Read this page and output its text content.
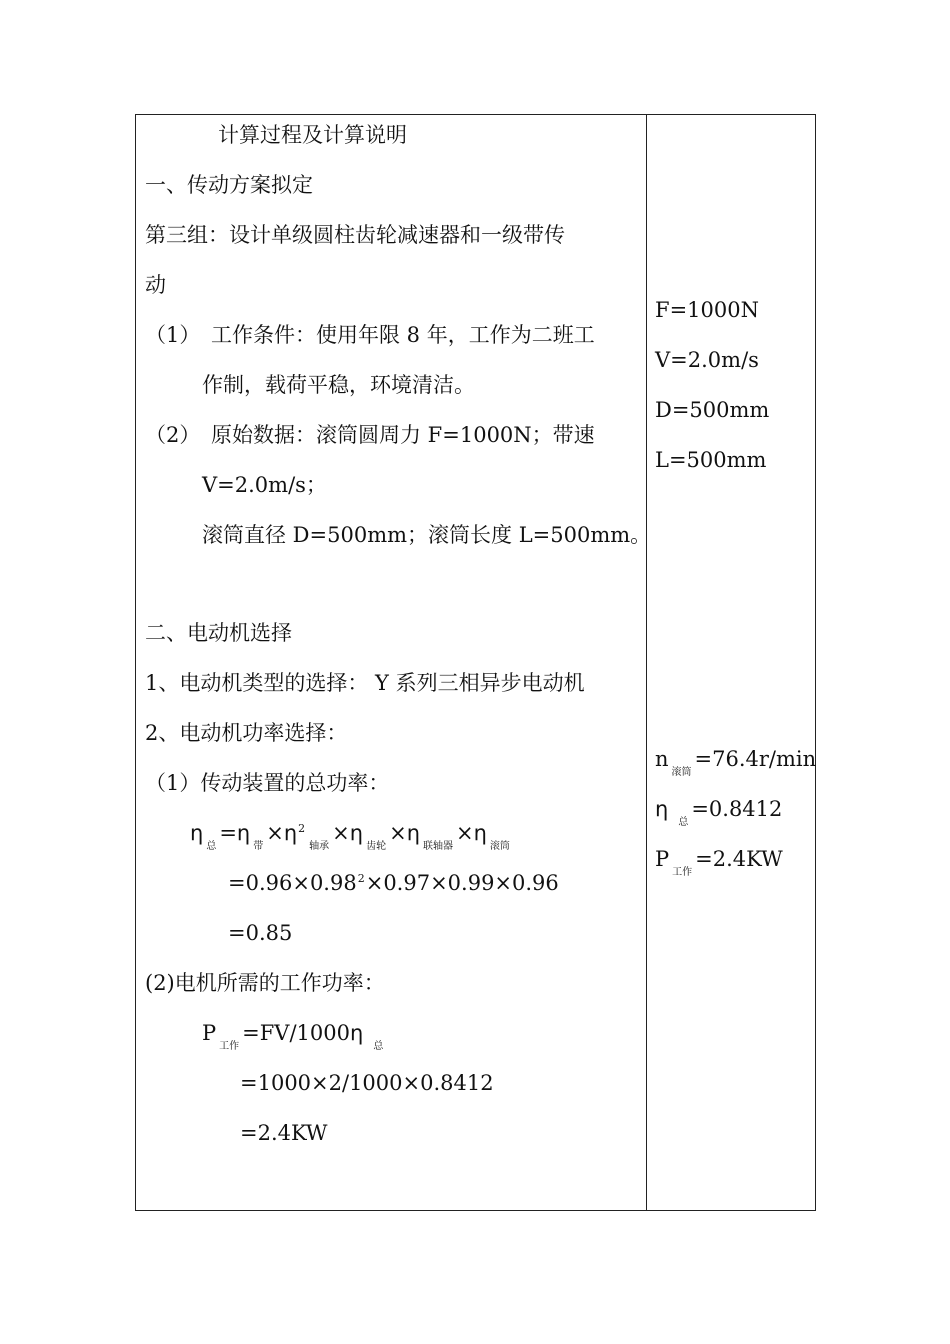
计算过程及计算说明
一、传动方案拟定
第三组：设计单级圆柱齿轮减速器和一级带传
动
（1） 工作条件：使用年限 8 年，工作为二班工
作制，载荷平稳，环境清洁。
（2） 原始数据：滚筒圆周力 F=1000N；带速
V=2.0m/s；
滚筒直径 D=500mm；滚筒长度 L=500mm。
二、电动机选择
1、电动机类型的选择： Y 系列三相异步电动机
2、电动机功率选择：
（1）传动装置的总功率：
$\eta_总=\eta_带\times\eta^2_{轴承}\times\eta_{齿轮}\times\eta_{联轴器}\times\eta_{滚筒}$
$=0.96\times 0.98^2\times 0.97\times 0.99\times 0.96$
=0.85
(2)电机所需的工作功率：
$P_{工作}=FV/1000\eta_总$
=1000×2/1000×0.8412
=2.4KW
F=1000N
V=2.0m/s
D=500mm
L=500mm
$n_{滚筒}=76.4r/\min$
$\eta_总=0.8412$
$P_{工作}=2.4KW$
